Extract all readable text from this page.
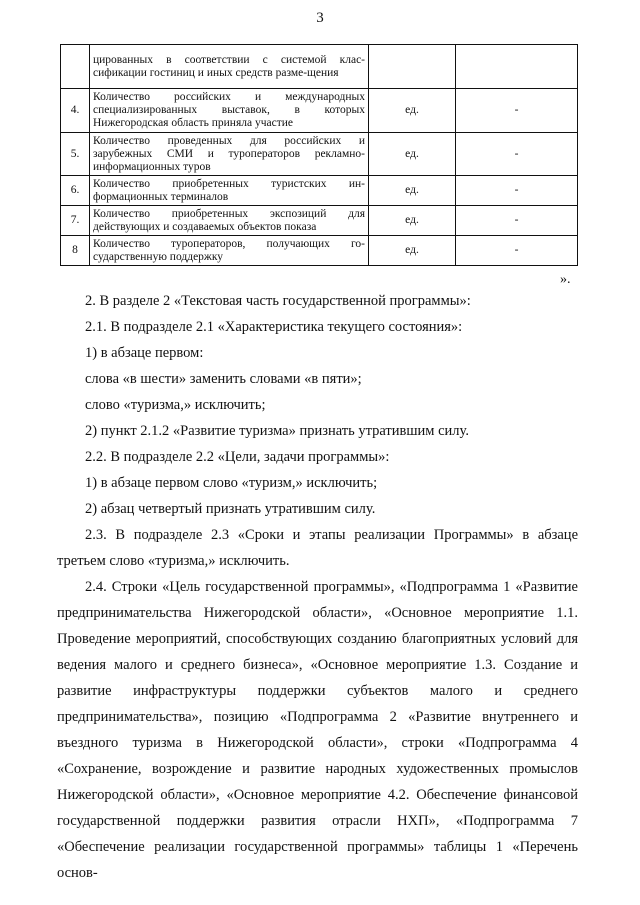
3
	цированных в соответствии с системой клас-сификации гостиниц и иных средств разме-щения		
4.	Количество российских и международных специализированных выставок, в которых Нижегородская область приняла участие	ед.	-
5.	Количество проведенных для российских и зарубежных СМИ и туроператоров рекламно-информационных туров	ед.	-
6.	Количество приобретенных туристских ин-формационных терминалов	ед.	-
7.	Количество приобретенных экспозиций для действующих и создаваемых объектов показа	ед.	-
8	Количество туроператоров, получающих го-сударственную поддержку	ед.	-
».

2. В разделе 2 «Текстовая часть государственной программы»:

2.1. В подразделе 2.1 «Характеристика текущего состояния»:

1) в абзаце первом:

слова «в шести» заменить словами «в пяти»;

слово «туризма,» исключить;

2) пункт 2.1.2 «Развитие туризма» признать утратившим силу.

2.2. В подразделе 2.2 «Цели, задачи программы»:

1) в абзаце первом слово «туризм,» исключить;

2) абзац четвертый признать утратившим силу.

2.3. В подразделе 2.3 «Сроки и этапы реализации Программы» в абзаце третьем слово «туризма,» исключить.

2.4. Строки «Цель государственной программы», «Подпрограмма 1 «Развитие предпринимательства Нижегородской области», «Основное мероприятие 1.1. Проведение мероприятий, способствующих созданию благоприятных условий для ведения малого и среднего бизнеса», «Основное мероприятие 1.3. Создание и развитие инфраструктуры поддержки субъектов малого и среднего предпринимательства», позицию «Подпрограмма 2 «Развитие внутреннего и въездного туризма в Нижегородской области», строки «Подпрограмма 4 «Сохранение, возрождение и развитие народных художественных промыслов Нижегородской области», «Основное мероприятие 4.2. Обеспечение финансовой государственной поддержки развития отрасли НХП», «Подпрограмма 7 «Обеспечение реализации государственной программы» таблицы 1 «Перечень основ-
